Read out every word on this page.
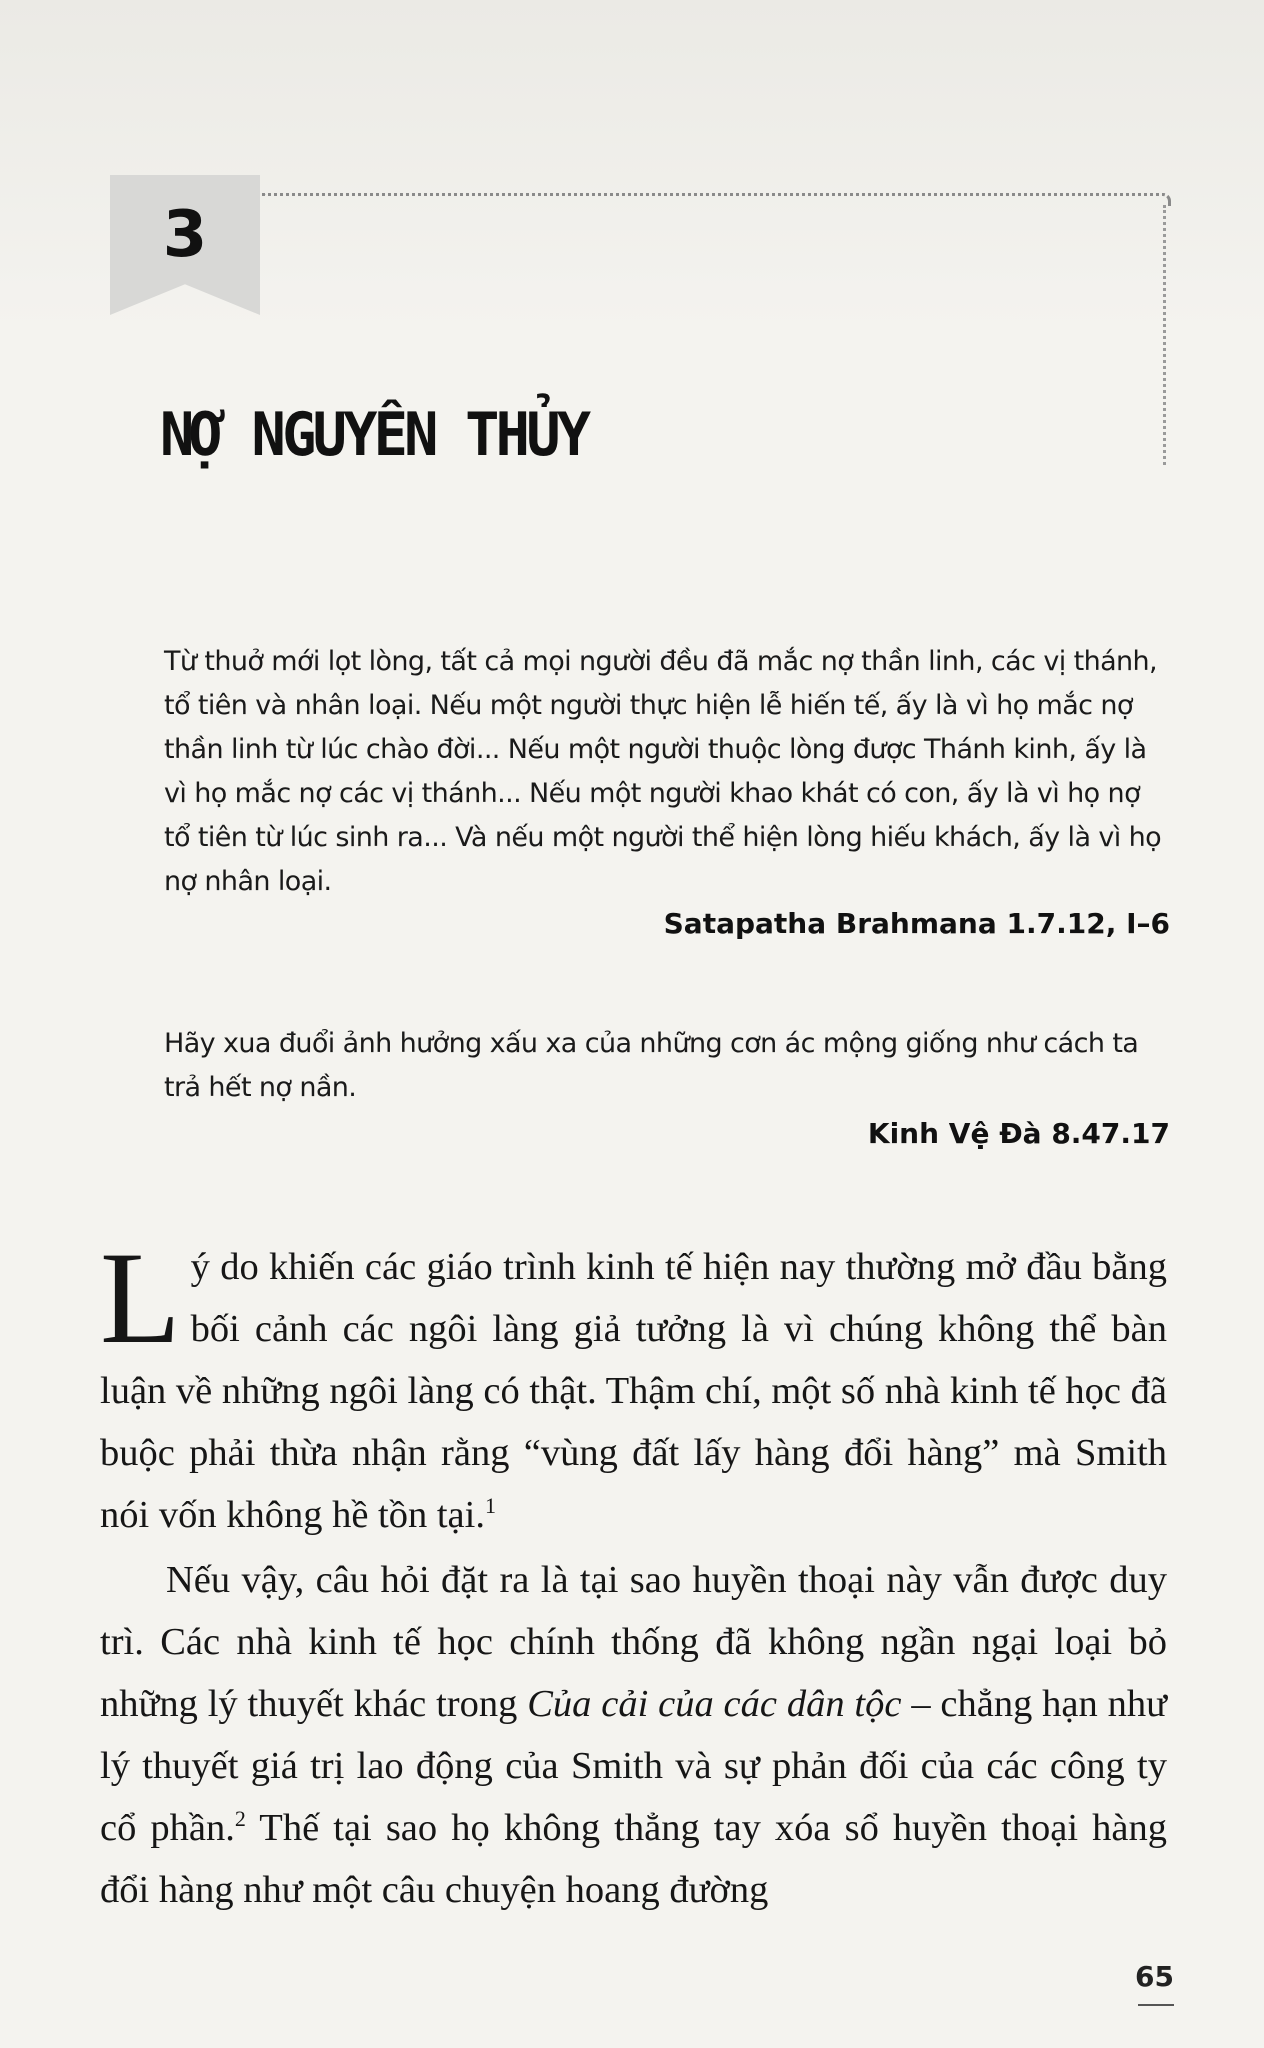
3
NỢ NGUYÊN THỦY

Từ thuở mới lọt lòng, tất cả mọi người đều đã mắc nợ thần linh, các vị thánh, tổ tiên và nhân loại. Nếu một người thực hiện lễ hiến tế, ấy là vì họ mắc nợ thần linh từ lúc chào đời... Nếu một người thuộc lòng được Thánh kinh, ấy là vì họ mắc nợ các vị thánh... Nếu một người khao khát có con, ấy là vì họ nợ tổ tiên từ lúc sinh ra... Và nếu một người thể hiện lòng hiếu khách, ấy là vì họ nợ nhân loại.

Satapatha Brahmana 1.7.12, I–6

Hãy xua đuổi ảnh hưởng xấu xa của những cơn ác mộng giống như cách ta trả hết nợ nần.

Kinh Vệ Đà 8.47.17

Lý do khiến các giáo trình kinh tế hiện nay thường mở đầu bằng bối cảnh các ngôi làng giả tưởng là vì chúng không thể bàn luận về những ngôi làng có thật. Thậm chí, một số nhà kinh tế học đã buộc phải thừa nhận rằng “vùng đất lấy hàng đổi hàng” mà Smith nói vốn không hề tồn tại.$^1$

Nếu vậy, câu hỏi đặt ra là tại sao huyền thoại này vẫn được duy trì. Các nhà kinh tế học chính thống đã không ngần ngại loại bỏ những lý thuyết khác trong Của cải của các dân tộc – chẳng hạn như lý thuyết giá trị lao động của Smith và sự phản đối của các công ty cổ phần.$^2$ Thế tại sao họ không thẳng tay xóa sổ huyền thoại hàng đổi hàng như một câu chuyện hoang đường

65
